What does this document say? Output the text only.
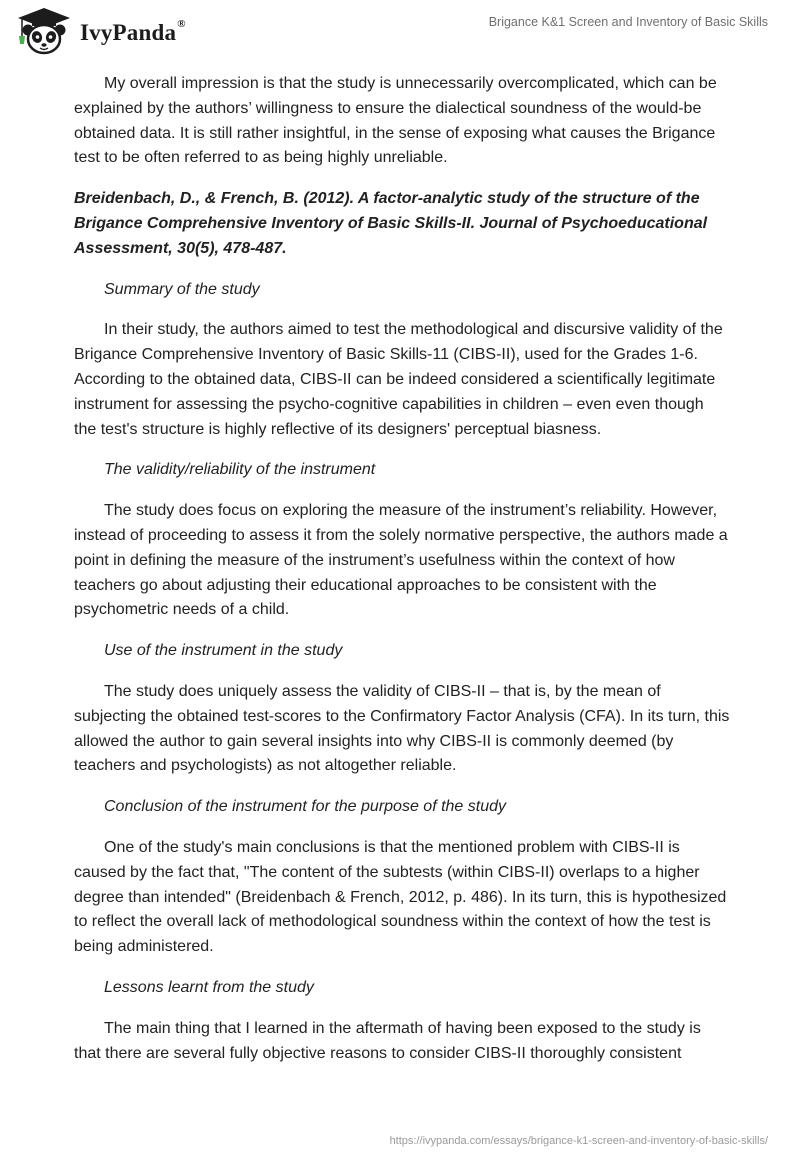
IvyPanda®	Brigance K&1 Screen and Inventory of Basic Skills

My overall impression is that the study is unnecessarily overcomplicated, which can be explained by the authors’ willingness to ensure the dialectical soundness of the would-be obtained data. It is still rather insightful, in the sense of exposing what causes the Brigance test to be often referred to as being highly unreliable.

Breidenbach, D., & French, B. (2012). A factor-analytic study of the structure of the Brigance Comprehensive Inventory of Basic Skills-II. Journal of Psychoeducational Assessment, 30(5), 478-487.

Summary of the study

In their study, the authors aimed to test the methodological and discursive validity of the Brigance Comprehensive Inventory of Basic Skills-11 (CIBS-II), used for the Grades 1-6. According to the obtained data, CIBS-II can be indeed considered a scientifically legitimate instrument for assessing the psycho-cognitive capabilities in children – even even though the test's structure is highly reflective of its designers' perceptual biasness.

The validity/reliability of the instrument

The study does focus on exploring the measure of the instrument’s reliability. However, instead of proceeding to assess it from the solely normative perspective, the authors made a point in defining the measure of the instrument’s usefulness within the context of how teachers go about adjusting their educational approaches to be consistent with the psychometric needs of a child.

Use of the instrument in the study

The study does uniquely assess the validity of CIBS-II – that is, by the mean of subjecting the obtained test-scores to the Confirmatory Factor Analysis (CFA). In its turn, this allowed the author to gain several insights into why CIBS-II is commonly deemed (by teachers and psychologists) as not altogether reliable.

Conclusion of the instrument for the purpose of the study

One of the study's main conclusions is that the mentioned problem with CIBS-II is caused by the fact that, "The content of the subtests (within CIBS-II) overlaps to a higher degree than intended" (Breidenbach & French, 2012, p. 486). In its turn, this is hypothesized to reflect the overall lack of methodological soundness within the context of how the test is being administered.

Lessons learnt from the study

The main thing that I learned in the aftermath of having been exposed to the study is that there are several fully objective reasons to consider CIBS-II thoroughly consistent

https://ivypanda.com/essays/brigance-k1-screen-and-inventory-of-basic-skills/
